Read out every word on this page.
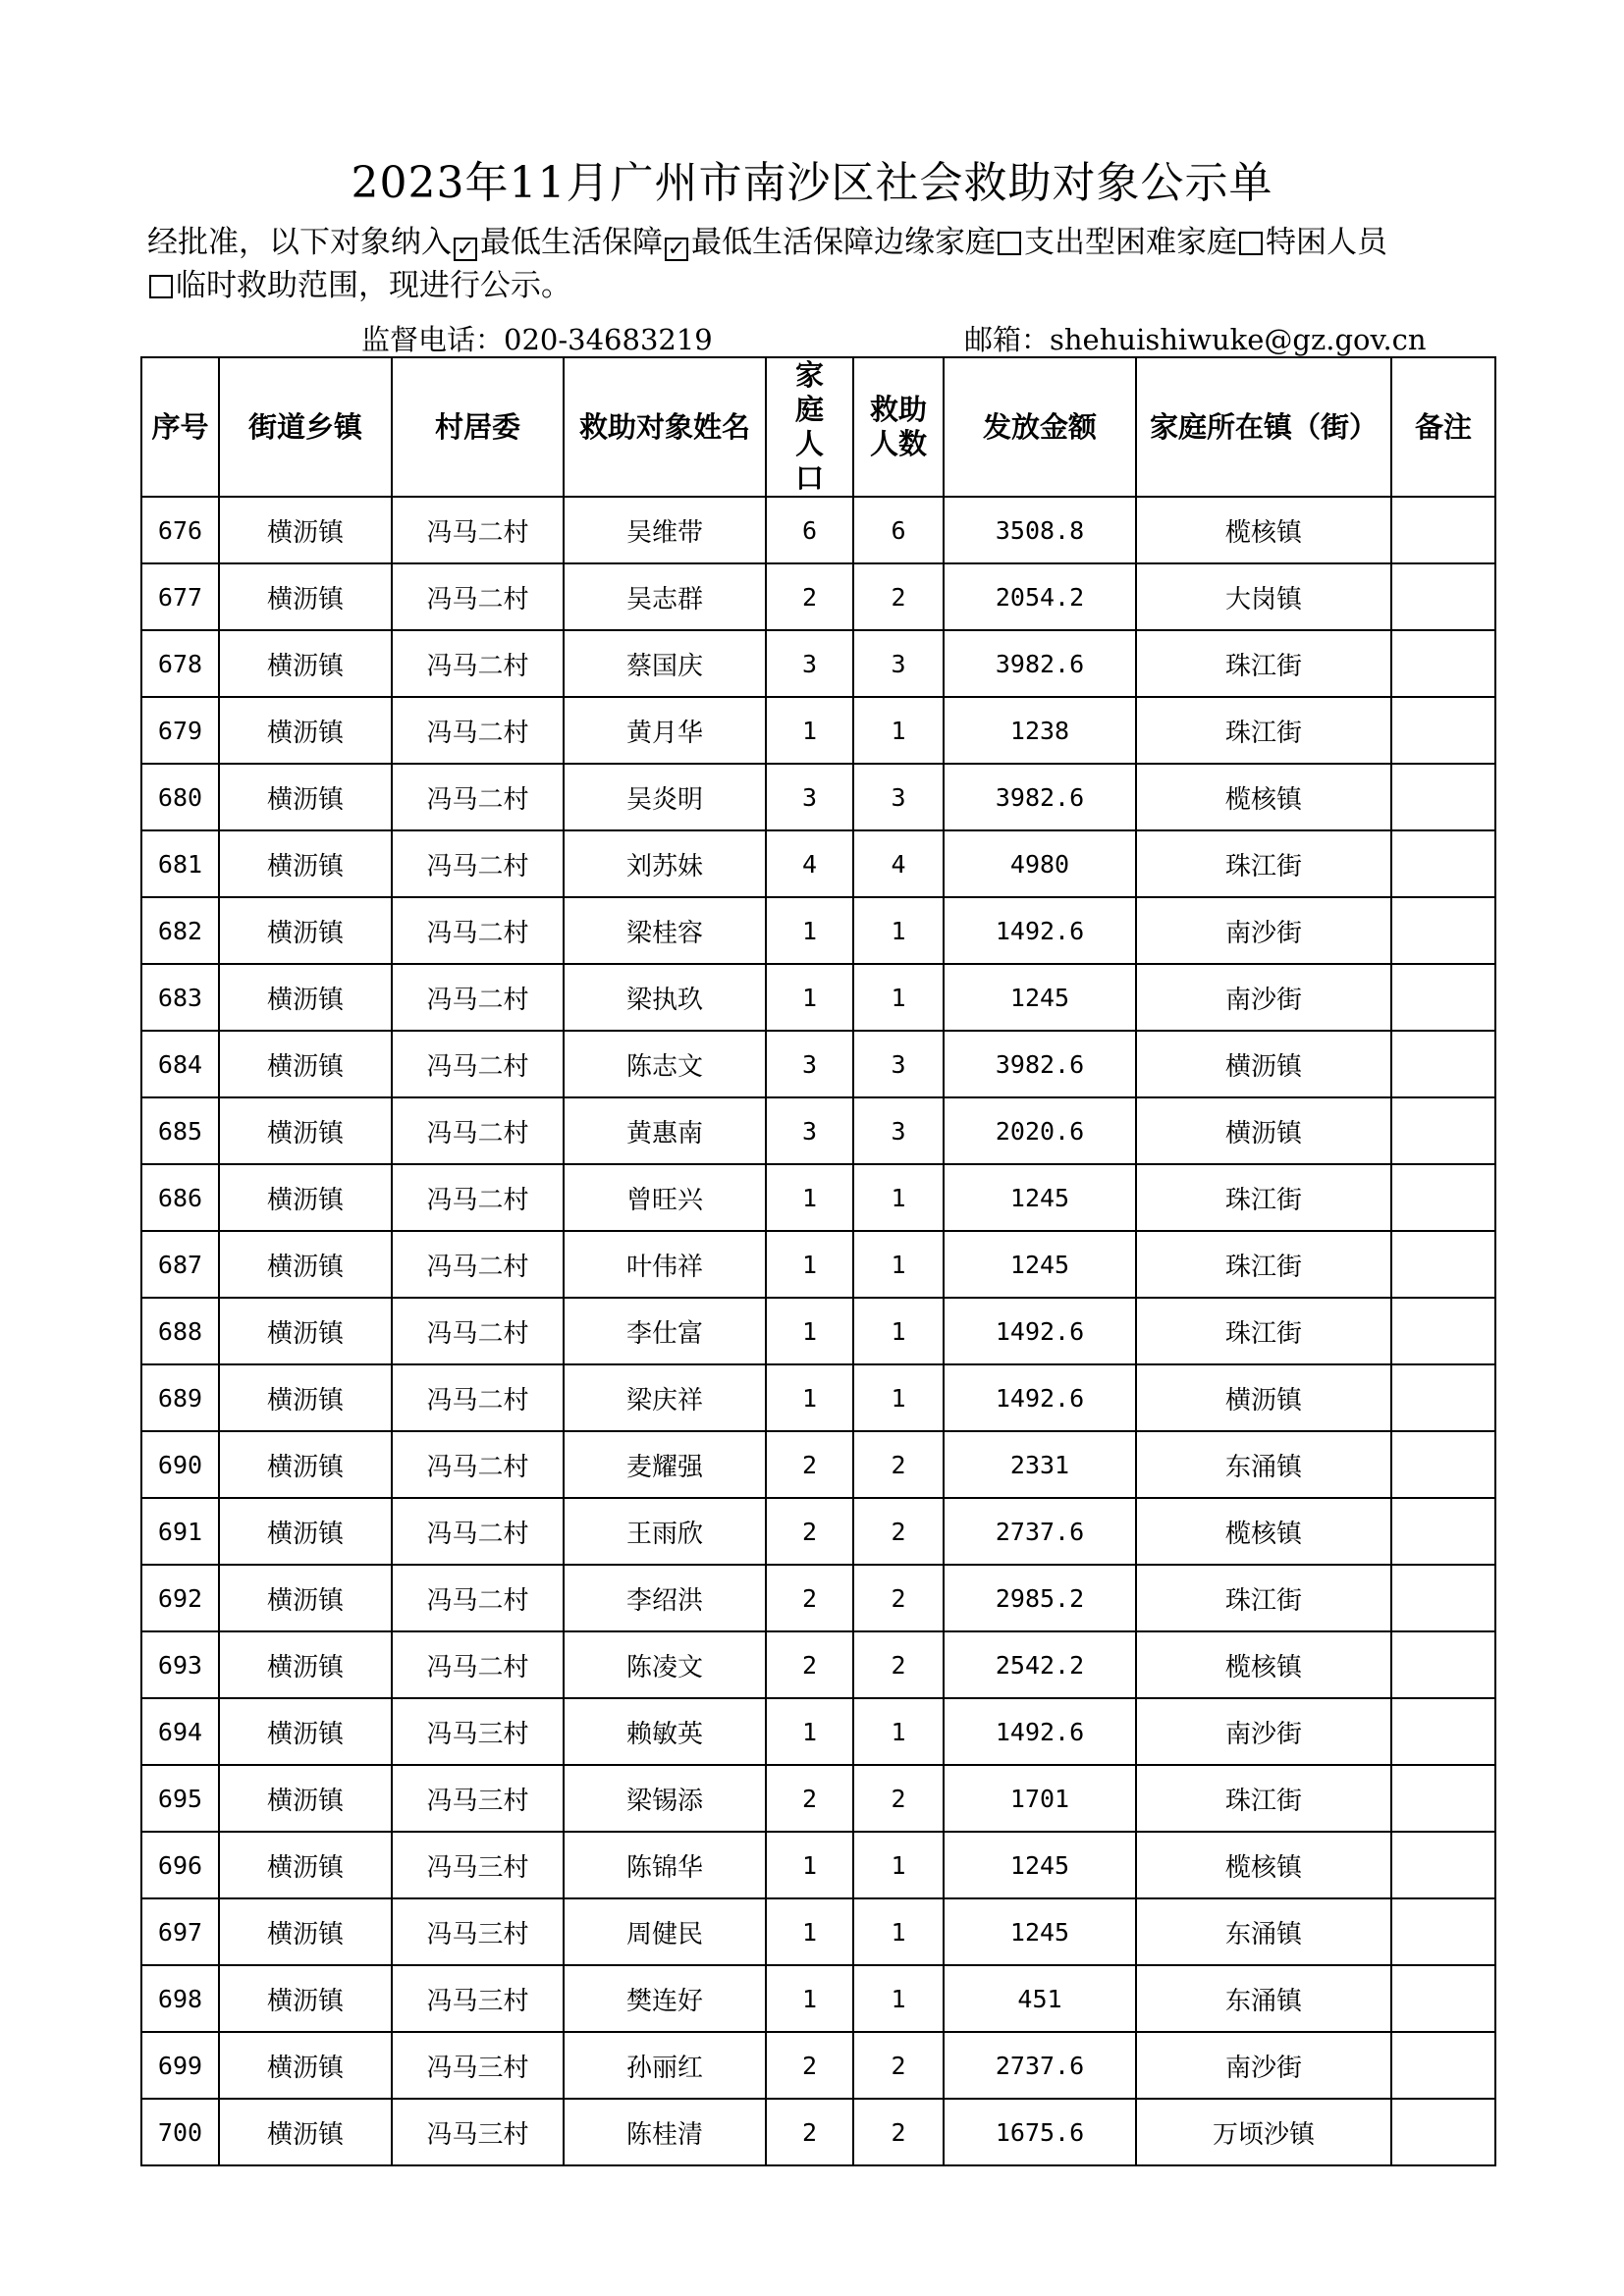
2023年11月广州市南沙区社会救助对象公示单
经批准，以下对象纳入 ✓ 最低生活保障 ✓ 最低生活保障边缘家庭 支出型困难家庭 特困人员
临时救助范围，现进行公示。
监督电话：020-34683219	邮箱：shehuishiwuke@gz.gov.cn
序号	街道乡镇	村居委	救助对象姓名	家庭人口	救助人数	发放金额	家庭所在镇（街）	备注
676	横沥镇	冯马二村	吴维带	6	6	3508.8	榄核镇	
677	横沥镇	冯马二村	吴志群	2	2	2054.2	大岗镇	
678	横沥镇	冯马二村	蔡国庆	3	3	3982.6	珠江街	
679	横沥镇	冯马二村	黄月华	1	1	1238	珠江街	
680	横沥镇	冯马二村	吴炎明	3	3	3982.6	榄核镇	
681	横沥镇	冯马二村	刘苏妹	4	4	4980	珠江街	
682	横沥镇	冯马二村	梁桂容	1	1	1492.6	南沙街	
683	横沥镇	冯马二村	梁执玖	1	1	1245	南沙街	
684	横沥镇	冯马二村	陈志文	3	3	3982.6	横沥镇	
685	横沥镇	冯马二村	黄惠南	3	3	2020.6	横沥镇	
686	横沥镇	冯马二村	曾旺兴	1	1	1245	珠江街	
687	横沥镇	冯马二村	叶伟祥	1	1	1245	珠江街	
688	横沥镇	冯马二村	李仕富	1	1	1492.6	珠江街	
689	横沥镇	冯马二村	梁庆祥	1	1	1492.6	横沥镇	
690	横沥镇	冯马二村	麦耀强	2	2	2331	东涌镇	
691	横沥镇	冯马二村	王雨欣	2	2	2737.6	榄核镇	
692	横沥镇	冯马二村	李绍洪	2	2	2985.2	珠江街	
693	横沥镇	冯马二村	陈凌文	2	2	2542.2	榄核镇	
694	横沥镇	冯马三村	赖敏英	1	1	1492.6	南沙街	
695	横沥镇	冯马三村	梁锡添	2	2	1701	珠江街	
696	横沥镇	冯马三村	陈锦华	1	1	1245	榄核镇	
697	横沥镇	冯马三村	周健民	1	1	1245	东涌镇	
698	横沥镇	冯马三村	樊连好	1	1	451	东涌镇	
699	横沥镇	冯马三村	孙丽红	2	2	2737.6	南沙街	
700	横沥镇	冯马三村	陈桂清	2	2	1675.6	万顷沙镇	
